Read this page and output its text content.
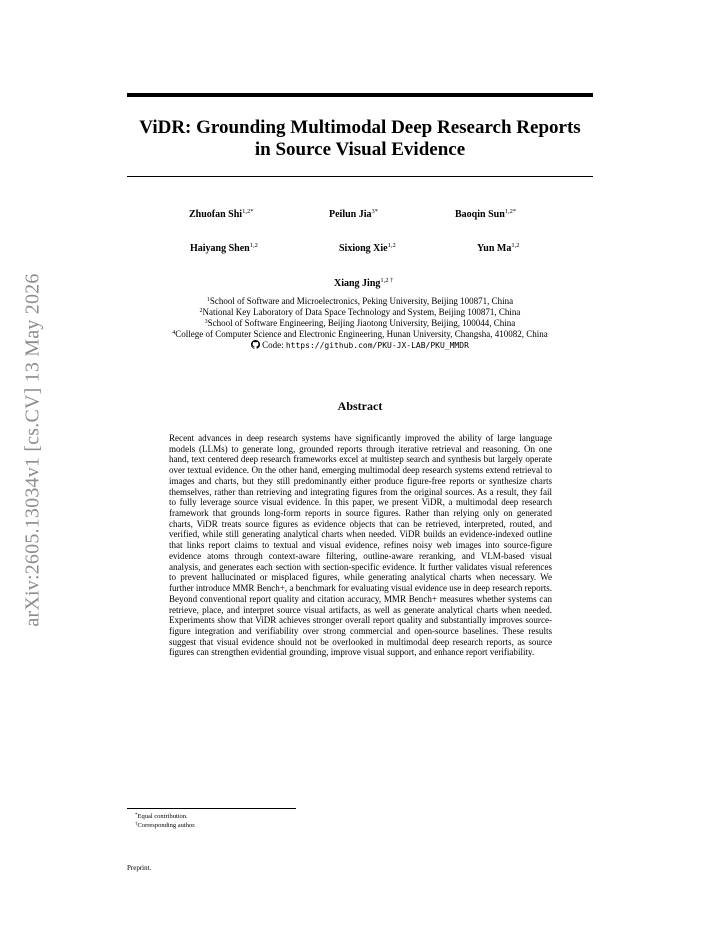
arXiv:2605.13034v1 [cs.CV] 13 May 2026
ViDR: Grounding Multimodal Deep Research Reports
in Source Visual Evidence
Zhuofan Shi$^{1,2*}$	Peilun Jia$^{3*}$	Baoqin Sun$^{1,2*}$
Haiyang Shen$^{1,2}$	Sixiong Xie$^{1,2}$	Yun Ma$^{1,2}$
Xiang Jing$^{1,2 \dagger}$
$^1$School of Software and Microelectronics, Peking University, Beijing 100871, China
$^2$National Key Laboratory of Data Space Technology and System, Beijing 100871, China
$^3$School of Software Engineering, Beijing Jiaotong University, Beijing, 100044, China
$^4$College of Computer Science and Electronic Engineering, Hunan University, Changsha, 410082, China
Code: https://github.com/PKU-JX-LAB/PKU_MMDR
Abstract
Recent advances in deep research systems have significantly improved the ability of large language models (LLMs) to generate long, grounded reports through iterative retrieval and reasoning. On one hand, text centered deep research frameworks excel at multistep search and synthesis but largely operate over textual evidence. On the other hand, emerging multimodal deep research systems extend retrieval to images and charts, but they still predominantly either produce figure-free reports or synthesize charts themselves, rather than retrieving and integrating figures from the original sources. As a result, they fail to fully leverage source visual evidence. In this paper, we present ViDR, a multimodal deep research framework that grounds long-form reports in source figures. Rather than relying only on generated charts, ViDR treats source figures as evidence objects that can be retrieved, interpreted, routed, and verified, while still generating analytical charts when needed. ViDR builds an evidence-indexed outline that links report claims to textual and visual evidence, refines noisy web images into source-figure evidence atoms through context-aware filtering, outline-aware reranking, and VLM-based visual analysis, and generates each section with section-specific evidence. It further validates visual references to prevent hallucinated or misplaced figures, while generating analytical charts when necessary. We further introduce MMR Bench+, a benchmark for evaluating visual evidence use in deep research reports. Beyond conventional report quality and citation accuracy, MMR Bench+ measures whether systems can retrieve, place, and interpret source visual artifacts, as well as generate analytical charts when needed. Experiments show that ViDR achieves stronger overall report quality and substantially improves source-figure integration and verifiability over strong commercial and open-source baselines. These results suggest that visual evidence should not be overlooked in multimodal deep research reports, as source figures can strengthen evidential grounding, improve visual support, and enhance report verifiability.
*Equal contribution.
†Corresponding author.
Preprint.
